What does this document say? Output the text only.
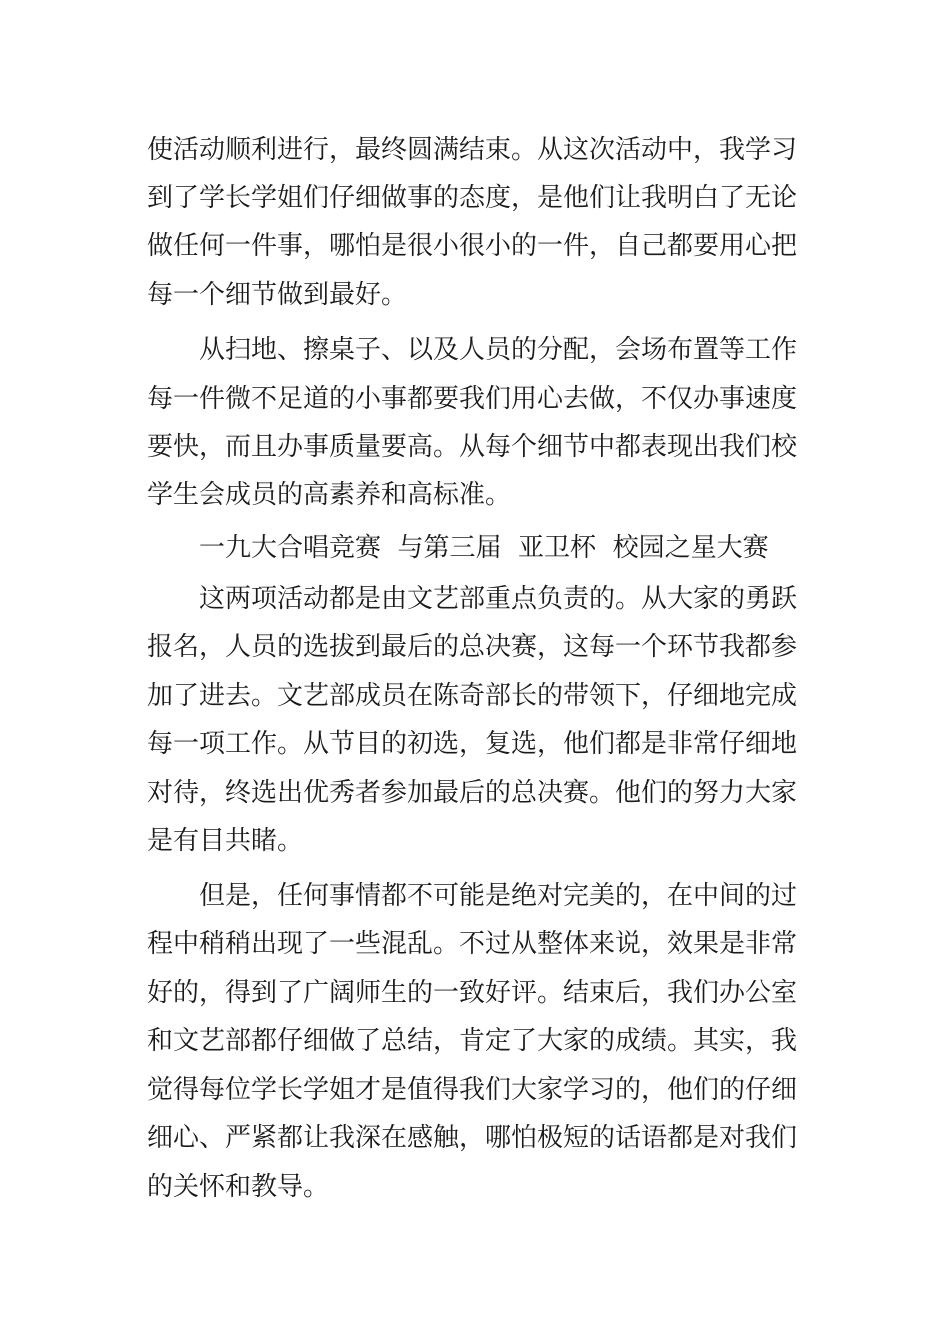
使活动顺利进行，最终圆满结束。从这次活动中，我学习

到了学长学姐们仔细做事的态度，是他们让我明白了无论

做任何一件事，哪怕是很小很小的一件，自己都要用心把

每一个细节做到最好。

从扫地、擦桌子、以及人员的分配，会场布置等工作

每一件微不足道的小事都要我们用心去做，不仅办事速度

要快，而且办事质量要高。从每个细节中都表现出我们校

学生会成员的高素养和高标准。

一九大合唱竞赛  与第三届  亚卫杯  校园之星大赛

这两项活动都是由文艺部重点负责的。从大家的勇跃

报名，人员的选拔到最后的总决赛，这每一个环节我都参

加了进去。文艺部成员在陈奇部长的带领下，仔细地完成

每一项工作。从节目的初选，复选，他们都是非常仔细地

对待，终选出优秀者参加最后的总决赛。他们的努力大家

是有目共睹。

但是，任何事情都不可能是绝对完美的，在中间的过

程中稍稍出现了一些混乱。不过从整体来说，效果是非常

好的，得到了广阔师生的一致好评。结束后，我们办公室

和文艺部都仔细做了总结，肯定了大家的成绩。其实，我

觉得每位学长学姐才是值得我们大家学习的，他们的仔细

细心、严紧都让我深在感触，哪怕极短的话语都是对我们

的关怀和教导。
